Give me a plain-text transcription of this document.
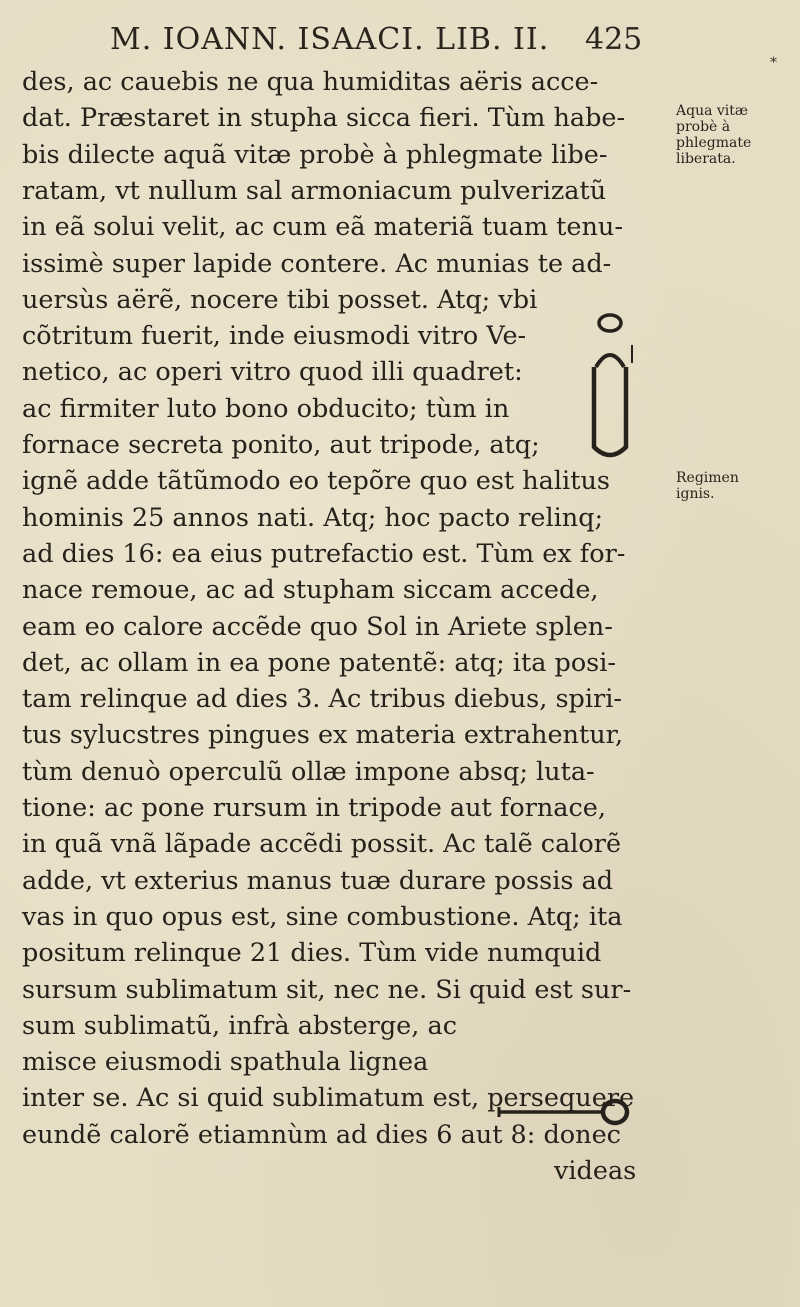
M. IOANN. ISAACI. LIB. II. 425
*
des, ac cauebis ne qua humiditas aëris acce-
dat. Præstaret in stupha sicca fieri. Tùm habe-
bis dilecte aquã vitæ probè à phlegmate libe-
ratam, vt nullum sal armoniacum pulverizatũ
in eã solui velit, ac cum eã materiã tuam tenu-
issimè super lapide contere. Ac munias te ad-
uersùs aërẽ, nocere tibi posset. Atq; vbi
cõtritum fuerit, inde eiusmodi vitro Ve-
netico, ac operi vitro quod illi quadret:
ac firmiter luto bono obducito; tùm in
fornace secreta ponito, aut tripode, atq;
ignẽ adde tãtũmodo eo tepõre quo est halitus
hominis 25 annos nati. Atq; hoc pacto relinq;
ad dies 16: ea eius putrefactio est. Tùm ex for-
nace remoue, ac ad stupham siccam accede,
eam eo calore accẽde quo Sol in Ariete splen-
det, ac ollam in ea pone patentẽ: atq; ita posi-
tam relinque ad dies 3. Ac tribus diebus, spiri-
tus sylucstres pingues ex materia extrahentur,
tùm denuò operculũ ollæ impone absq; luta-
tione: ac pone rursum in tripode aut fornace,
in quã vnã lãpade accẽdi possit. Ac talẽ calorẽ
adde, vt exterius manus tuæ durare possis ad
vas in quo opus est, sine combustione. Atq; ita
positum relinque 21 dies. Tùm vide numquid
sursum sublimatum sit, nec ne. Si quid est sur-
sum sublimatũ, infrà absterge, ac
misce eiusmodi spathula lignea
inter se. Ac si quid sublimatum est, persequere
eundẽ calorẽ etiamnùm ad dies 6 aut 8: donec
videas
Aqua vitæ
probè à
phlegmate
liberata.
Regimen
ignis.
